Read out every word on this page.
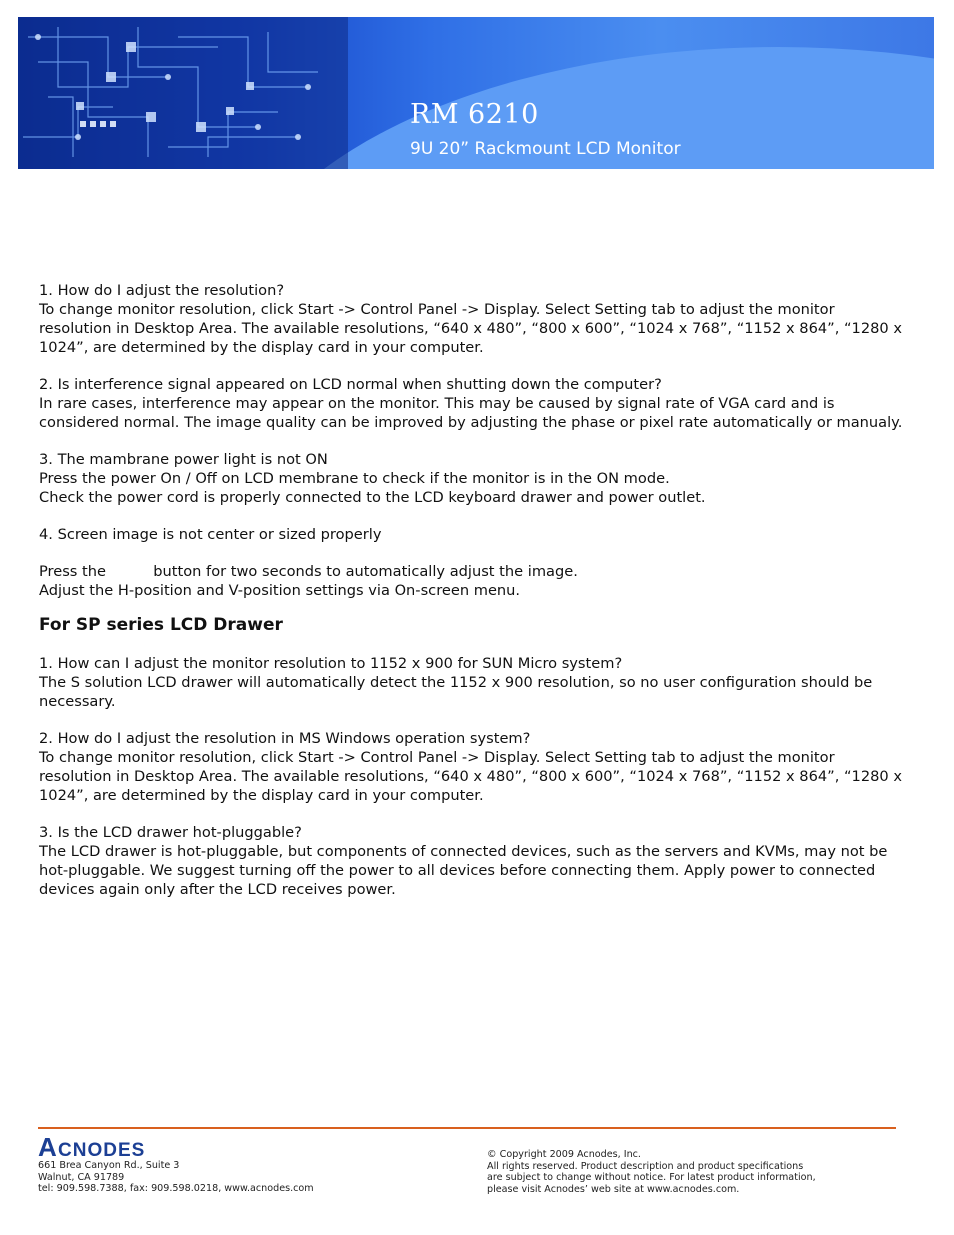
RM 6210
9U 20” Rackmount LCD Monitor

1. How do I adjust the resolution?

To change monitor resolution, click Start -> Control Panel -> Display. Select Setting tab to adjust the monitor resolution in Desktop Area. The available resolutions, “640 x 480”, “800 x 600”, “1024 x 768”, “1152 x 864”, “1280 x 1024”, are determined by the display card in your computer.

2. Is interference signal appeared on LCD normal when shutting down the computer?

In rare cases, interference may appear on the monitor. This may be caused by signal rate of VGA card and is considered normal. The image quality can be improved by adjusting the phase or pixel rate automatically or manualy.

3. The mambrane power light is not ON

Press the power On / Off on LCD membrane to check if the monitor is in the ON mode.

Check the power cord is properly connected to the LCD keyboard drawer and power outlet.

4. Screen image is not center or sized properly

Press the	button for two seconds to automatically adjust the image.

Adjust the H-position and V-position settings via On-screen menu.

For SP series LCD Drawer

1. How can I adjust the monitor resolution to 1152 x 900 for SUN Micro system?

The S solution LCD drawer will automatically detect the 1152 x 900 resolution, so no user configuration should be necessary.

2. How do I adjust the resolution in MS Windows operation system?

To change monitor resolution, click Start -> Control Panel -> Display. Select Setting tab to adjust the monitor resolution in Desktop Area. The available resolutions, “640 x 480”, “800 x 600”, “1024 x 768”, “1152 x 864”, “1280 x 1024”, are determined by the display card in your computer.

3. Is the LCD drawer hot-pluggable?

The LCD drawer is hot-pluggable, but components of connected devices, such as the servers and KVMs, may not be hot-pluggable. We suggest turning off the power to all devices before connecting them. Apply power to connected devices again only after the LCD receives power.

A CNODES
661 Brea Canyon Rd., Suite 3
Walnut, CA 91789
tel: 909.598.7388, fax: 909.598.0218, www.acnodes.com
© Copyright 2009 Acnodes, Inc.
All rights reserved. Product description and product specifications
are subject to change without notice. For latest product information,
please visit Acnodes’ web site at www.acnodes.com.
